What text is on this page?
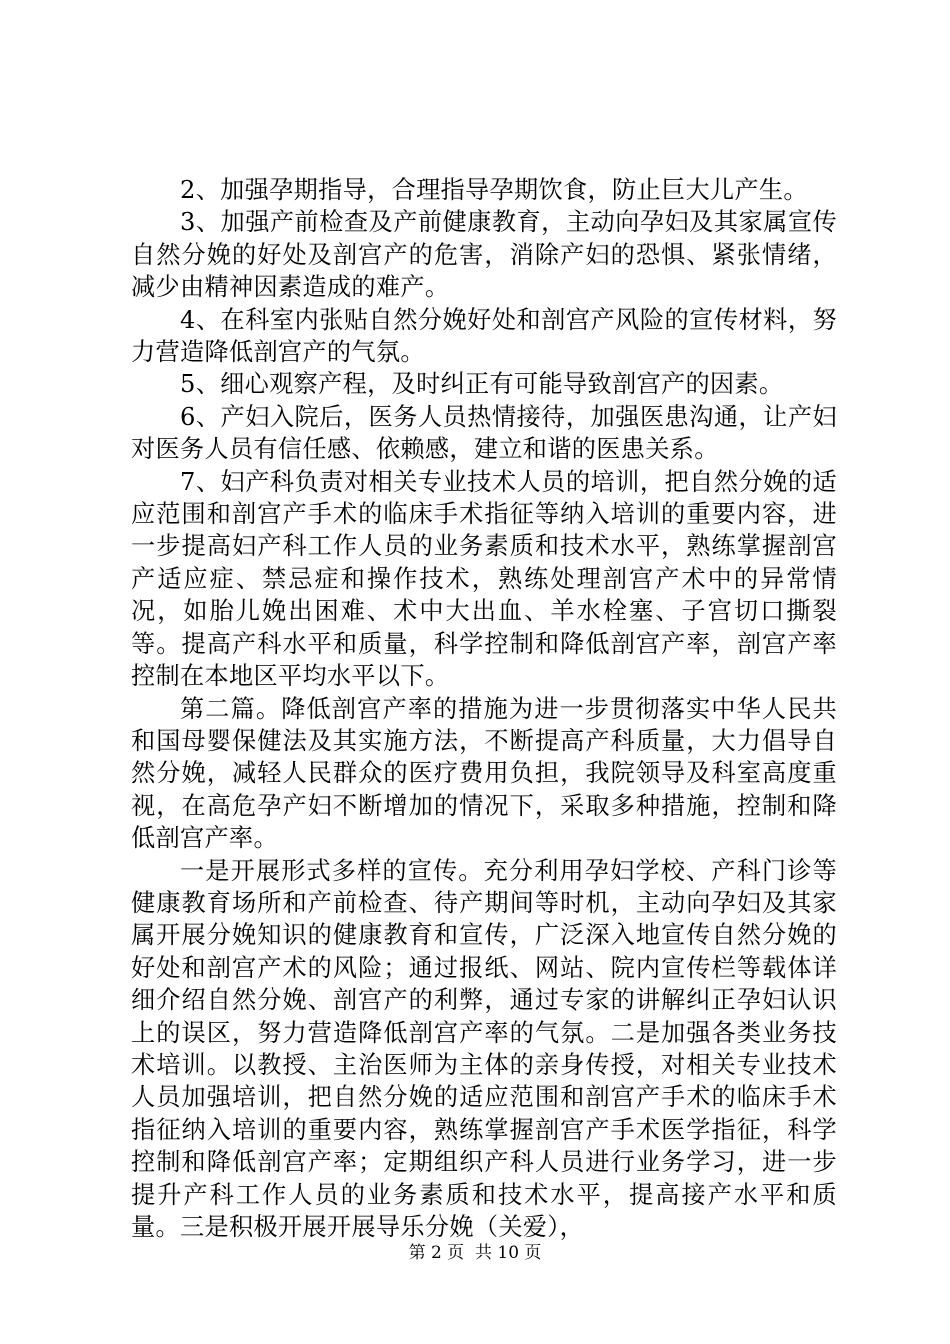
2、加强孕期指导，合理指导孕期饮食，防止巨大儿产生。

3、加强产前检查及产前健康教育，主动向孕妇及其家属宣传自然分娩的好处及剖宫产的危害，消除产妇的恐惧、紧张情绪，减少由精神因素造成的难产。

4、在科室内张贴自然分娩好处和剖宫产风险的宣传材料，努力营造降低剖宫产的气氛。

5、细心观察产程，及时纠正有可能导致剖宫产的因素。

6、产妇入院后，医务人员热情接待，加强医患沟通，让产妇对医务人员有信任感、依赖感，建立和谐的医患关系。

7、妇产科负责对相关专业技术人员的培训，把自然分娩的适应范围和剖宫产手术的临床手术指征等纳入培训的重要内容，进一步提高妇产科工作人员的业务素质和技术水平，熟练掌握剖宫产适应症、禁忌症和操作技术，熟练处理剖宫产术中的异常情况，如胎儿娩出困难、术中大出血、羊水栓塞、子宫切口撕裂等。提高产科水平和质量，科学控制和降低剖宫产率，剖宫产率控制在本地区平均水平以下。

第二篇。降低剖宫产率的措施为进一步贯彻落实中华人民共和国母婴保健法及其实施方法，不断提高产科质量，大力倡导自然分娩，减轻人民群众的医疗费用负担，我院领导及科室高度重视，在高危孕产妇不断增加的情况下，采取多种措施，控制和降低剖宫产率。

一是开展形式多样的宣传。充分利用孕妇学校、产科门诊等健康教育场所和产前检查、待产期间等时机，主动向孕妇及其家属开展分娩知识的健康教育和宣传，广泛深入地宣传自然分娩的好处和剖宫产术的风险；通过报纸、网站、院内宣传栏等载体详细介绍自然分娩、剖宫产的利弊，通过专家的讲解纠正孕妇认识上的误区，努力营造降低剖宫产率的气氛。二是加强各类业务技术培训。以教授、主治医师为主体的亲身传授，对相关专业技术人员加强培训，把自然分娩的适应范围和剖宫产手术的临床手术指征纳入培训的重要内容，熟练掌握剖宫产手术医学指征，科学控制和降低剖宫产率；定期组织产科人员进行业务学习，进一步提升产科工作人员的业务素质和技术水平，提高接产水平和质量。三是积极开展开展导乐分娩（关爱），

第 2 页  共 10 页
